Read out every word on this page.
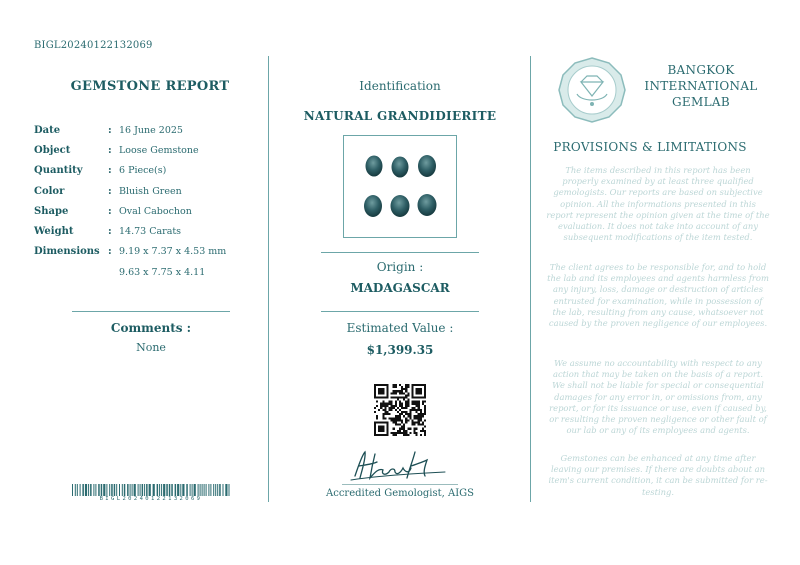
BIGL20240122132069
GEMSTONE REPORT
Date	: 16 June 2025
Object	: Loose Gemstone
Quantity	: 6 Piece(s)
Color	: Bluish Green
Shape	: Oval Cabochon
Weight	: 14.73 Carats
Dimensions : 9.19 x 7.37 x 4.53 mm
9.63 x 7.75 x 4.11
Comments :
None
BIGL20240122132069
Identification
NATURAL GRANDIDIERITE
Origin :
MADAGASCAR
Estimated Value :
$1,399.35
Accredited Gemologist, AIGS
BANGKOK
INTERNATIONAL
GEMLAB
PROVISIONS & LIMITATIONS
The items described in this report has been properly examined by at least three qualified gemologists. Our reports are based on subjective opinion. All the informations presented in this report represent the opinion given at the time of the evaluation. It does not take into account of any subsequent modifications of the item tested.
The client agrees to be responsible for, and to hold the lab and its employees and agents harmless from any injury, loss, damage or destruction of articles entrusted for examination, while in possession of the lab, resulting from any cause, whatsoever not caused by the proven negligence of our employees.
We assume no accountability with respect to any action that may be taken on the basis of a report. We shall not be liable for special or consequential damages for any error in, or omissions from, any report, or for its issuance or use, even if caused by, or resulting the proven negligence or other fault of our lab or any of its employees and agents.
Gemstones can be enhanced at any time after leaving our premises. If there are doubts about an item's current condition, it can be submitted for re-testing.
